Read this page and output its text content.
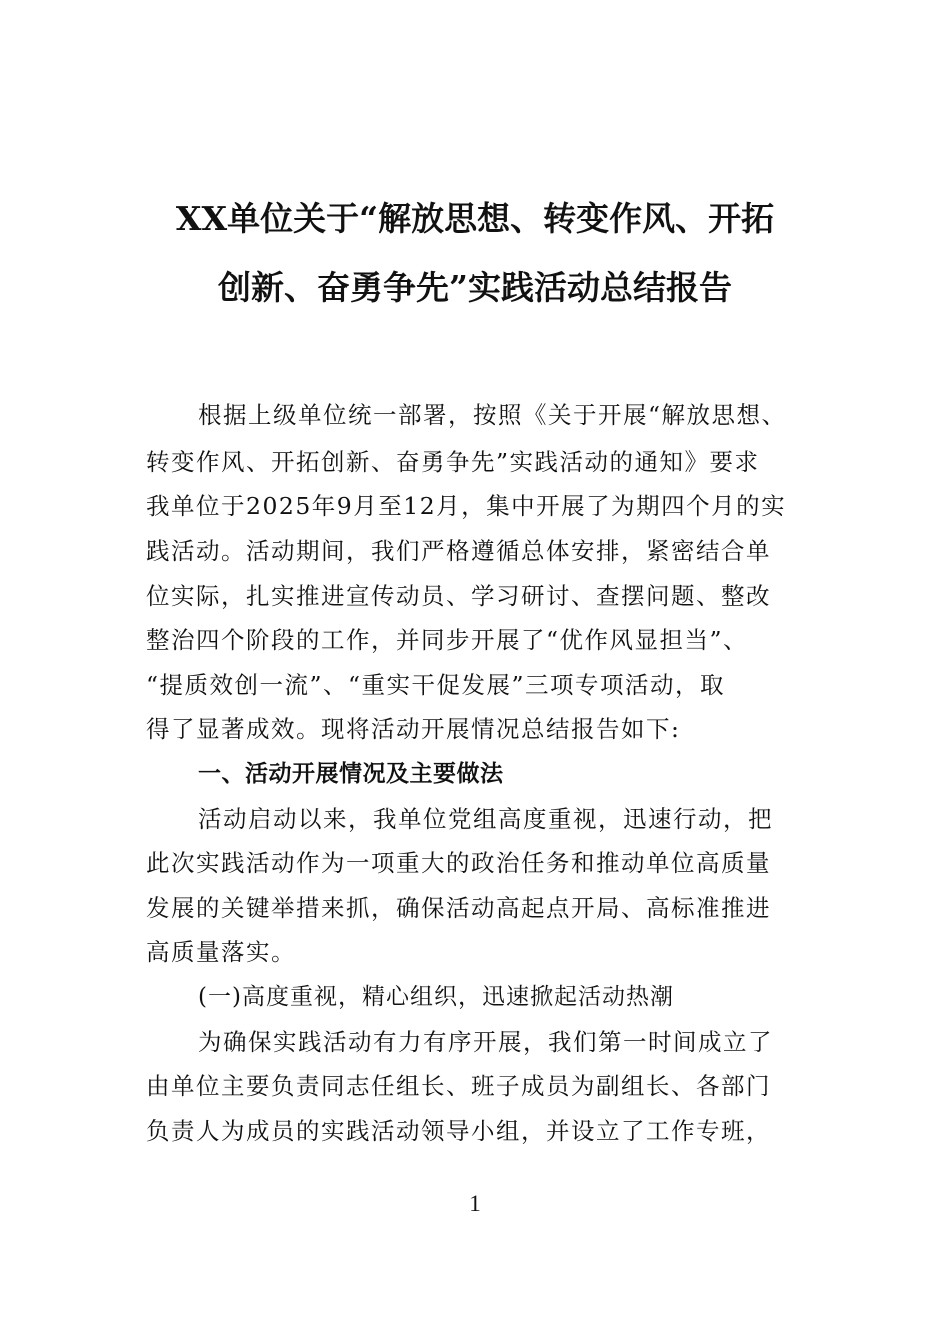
XX单位关于“解放思想、转变作风、开拓
创新、奋勇争先”实践活动总结报告
根据上级单位统一部署，按照《关于开展“解放思想、
转变作风、开拓创新、奋勇争先”实践活动的通知》要求
我单位于2025年9月至12月，集中开展了为期四个月的实
践活动。活动期间，我们严格遵循总体安排，紧密结合单
位实际，扎实推进宣传动员、学习研讨、查摆问题、整改
整治四个阶段的工作，并同步开展了“优作风显担当”、
“提质效创一流”、“重实干促发展”三项专项活动，取
得了显著成效。现将活动开展情况总结报告如下:
一、活动开展情况及主要做法
活动启动以来，我单位党组高度重视，迅速行动，把
此次实践活动作为一项重大的政治任务和推动单位高质量
发展的关键举措来抓，确保活动高起点开局、高标准推进
高质量落实。
(一)高度重视，精心组织，迅速掀起活动热潮
为确保实践活动有力有序开展，我们第一时间成立了
由单位主要负责同志任组长、班子成员为副组长、各部门
负责人为成员的实践活动领导小组，并设立了工作专班，
1
